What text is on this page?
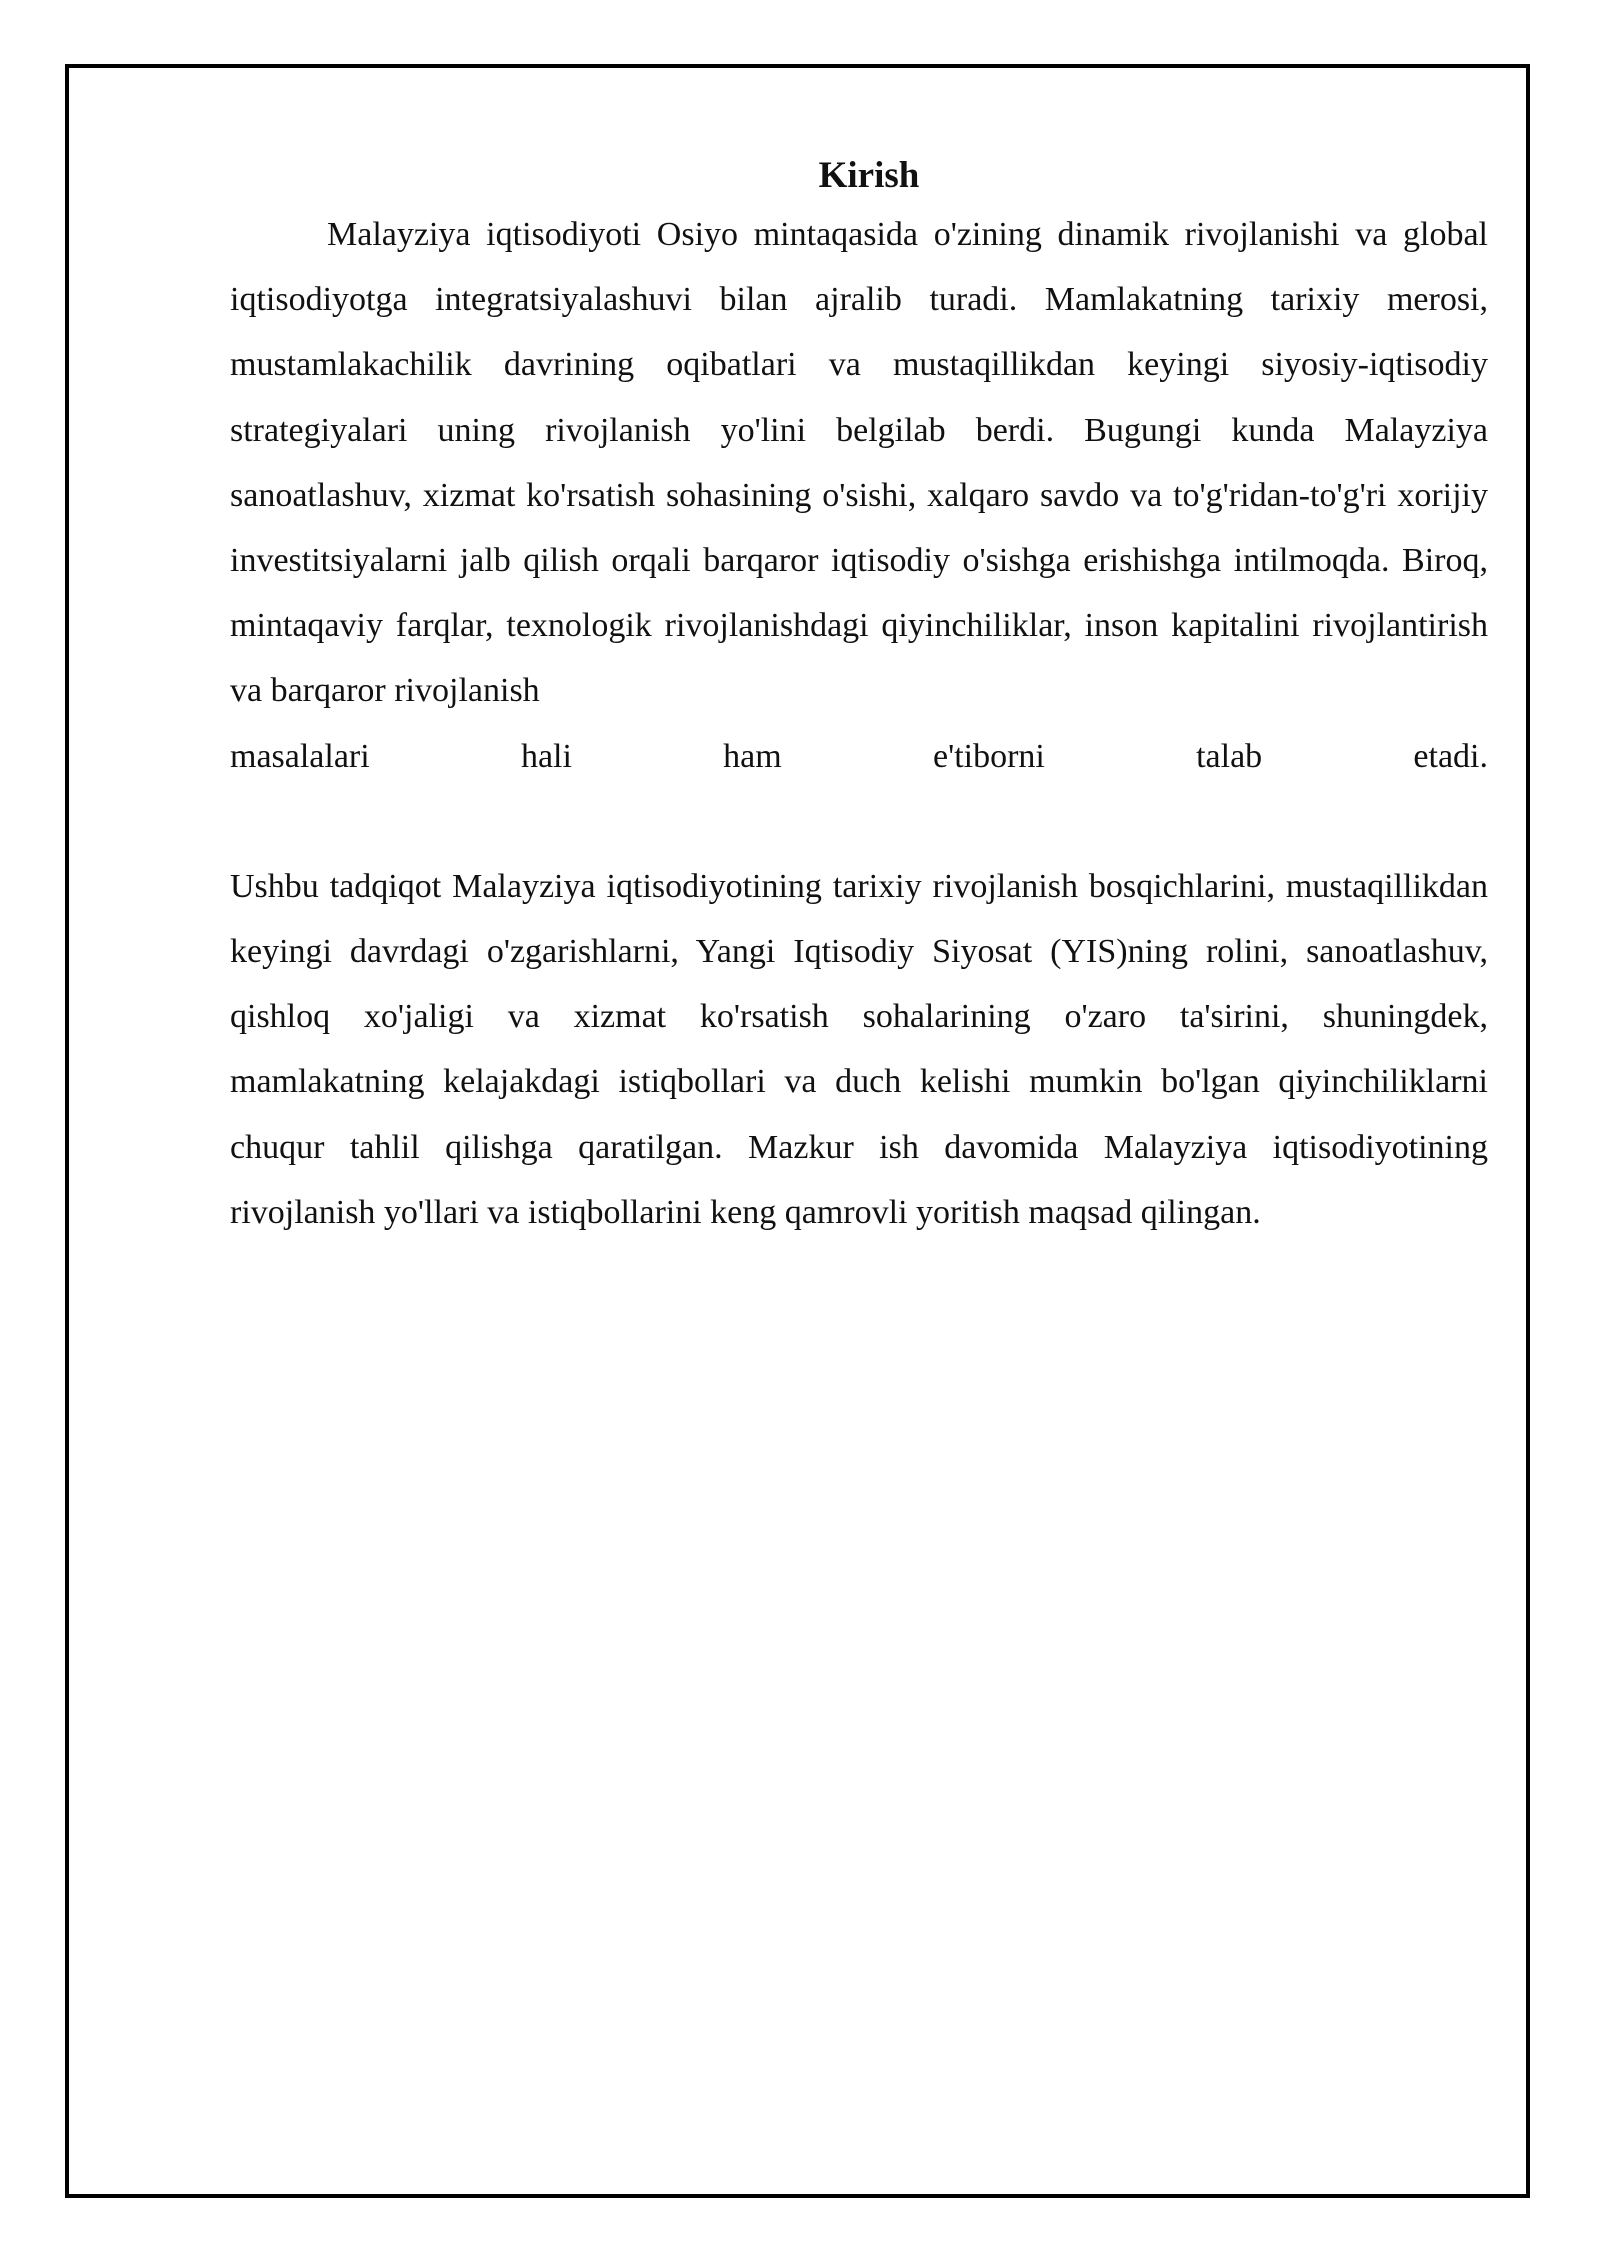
Kirish

Malayziya iqtisodiyoti Osiyo mintaqasida o'zining dinamik rivojlanishi va global iqtisodiyotga integratsiyalashuvi bilan ajralib turadi. Mamlakatning tarixiy merosi, mustamlakachilik davrining oqibatlari va mustaqillikdan keyingi siyosiy-iqtisodiy strategiyalari uning rivojlanish yo'lini belgilab berdi. Bugungi kunda Malayziya sanoatlashuv, xizmat ko'rsatish sohasining o'sishi, xalqaro savdo va to'g'ridan-to'g'ri xorijiy investitsiyalarni jalb qilish orqali barqaror iqtisodiy o'sishga erishishga intilmoqda. Biroq, mintaqaviy farqlar, texnologik rivojlanishdagi qiyinchiliklar, inson kapitalini rivojlantirish va barqaror rivojlanish

masalalari hali ham e'tiborni talab etadi.

Ushbu tadqiqot Malayziya iqtisodiyotining tarixiy rivojlanish bosqichlarini, mustaqillikdan keyingi davrdagi o'zgarishlarni, Yangi Iqtisodiy Siyosat (YIS)ning rolini, sanoatlashuv, qishloq xo'jaligi va xizmat ko'rsatish sohalarining o'zaro ta'sirini, shuningdek, mamlakatning kelajakdagi istiqbollari va duch kelishi mumkin bo'lgan qiyinchiliklarni chuqur tahlil qilishga qaratilgan. Mazkur ish davomida Malayziya iqtisodiyotining rivojlanish yo'llari va istiqbollarini keng qamrovli yoritish maqsad qilingan.
